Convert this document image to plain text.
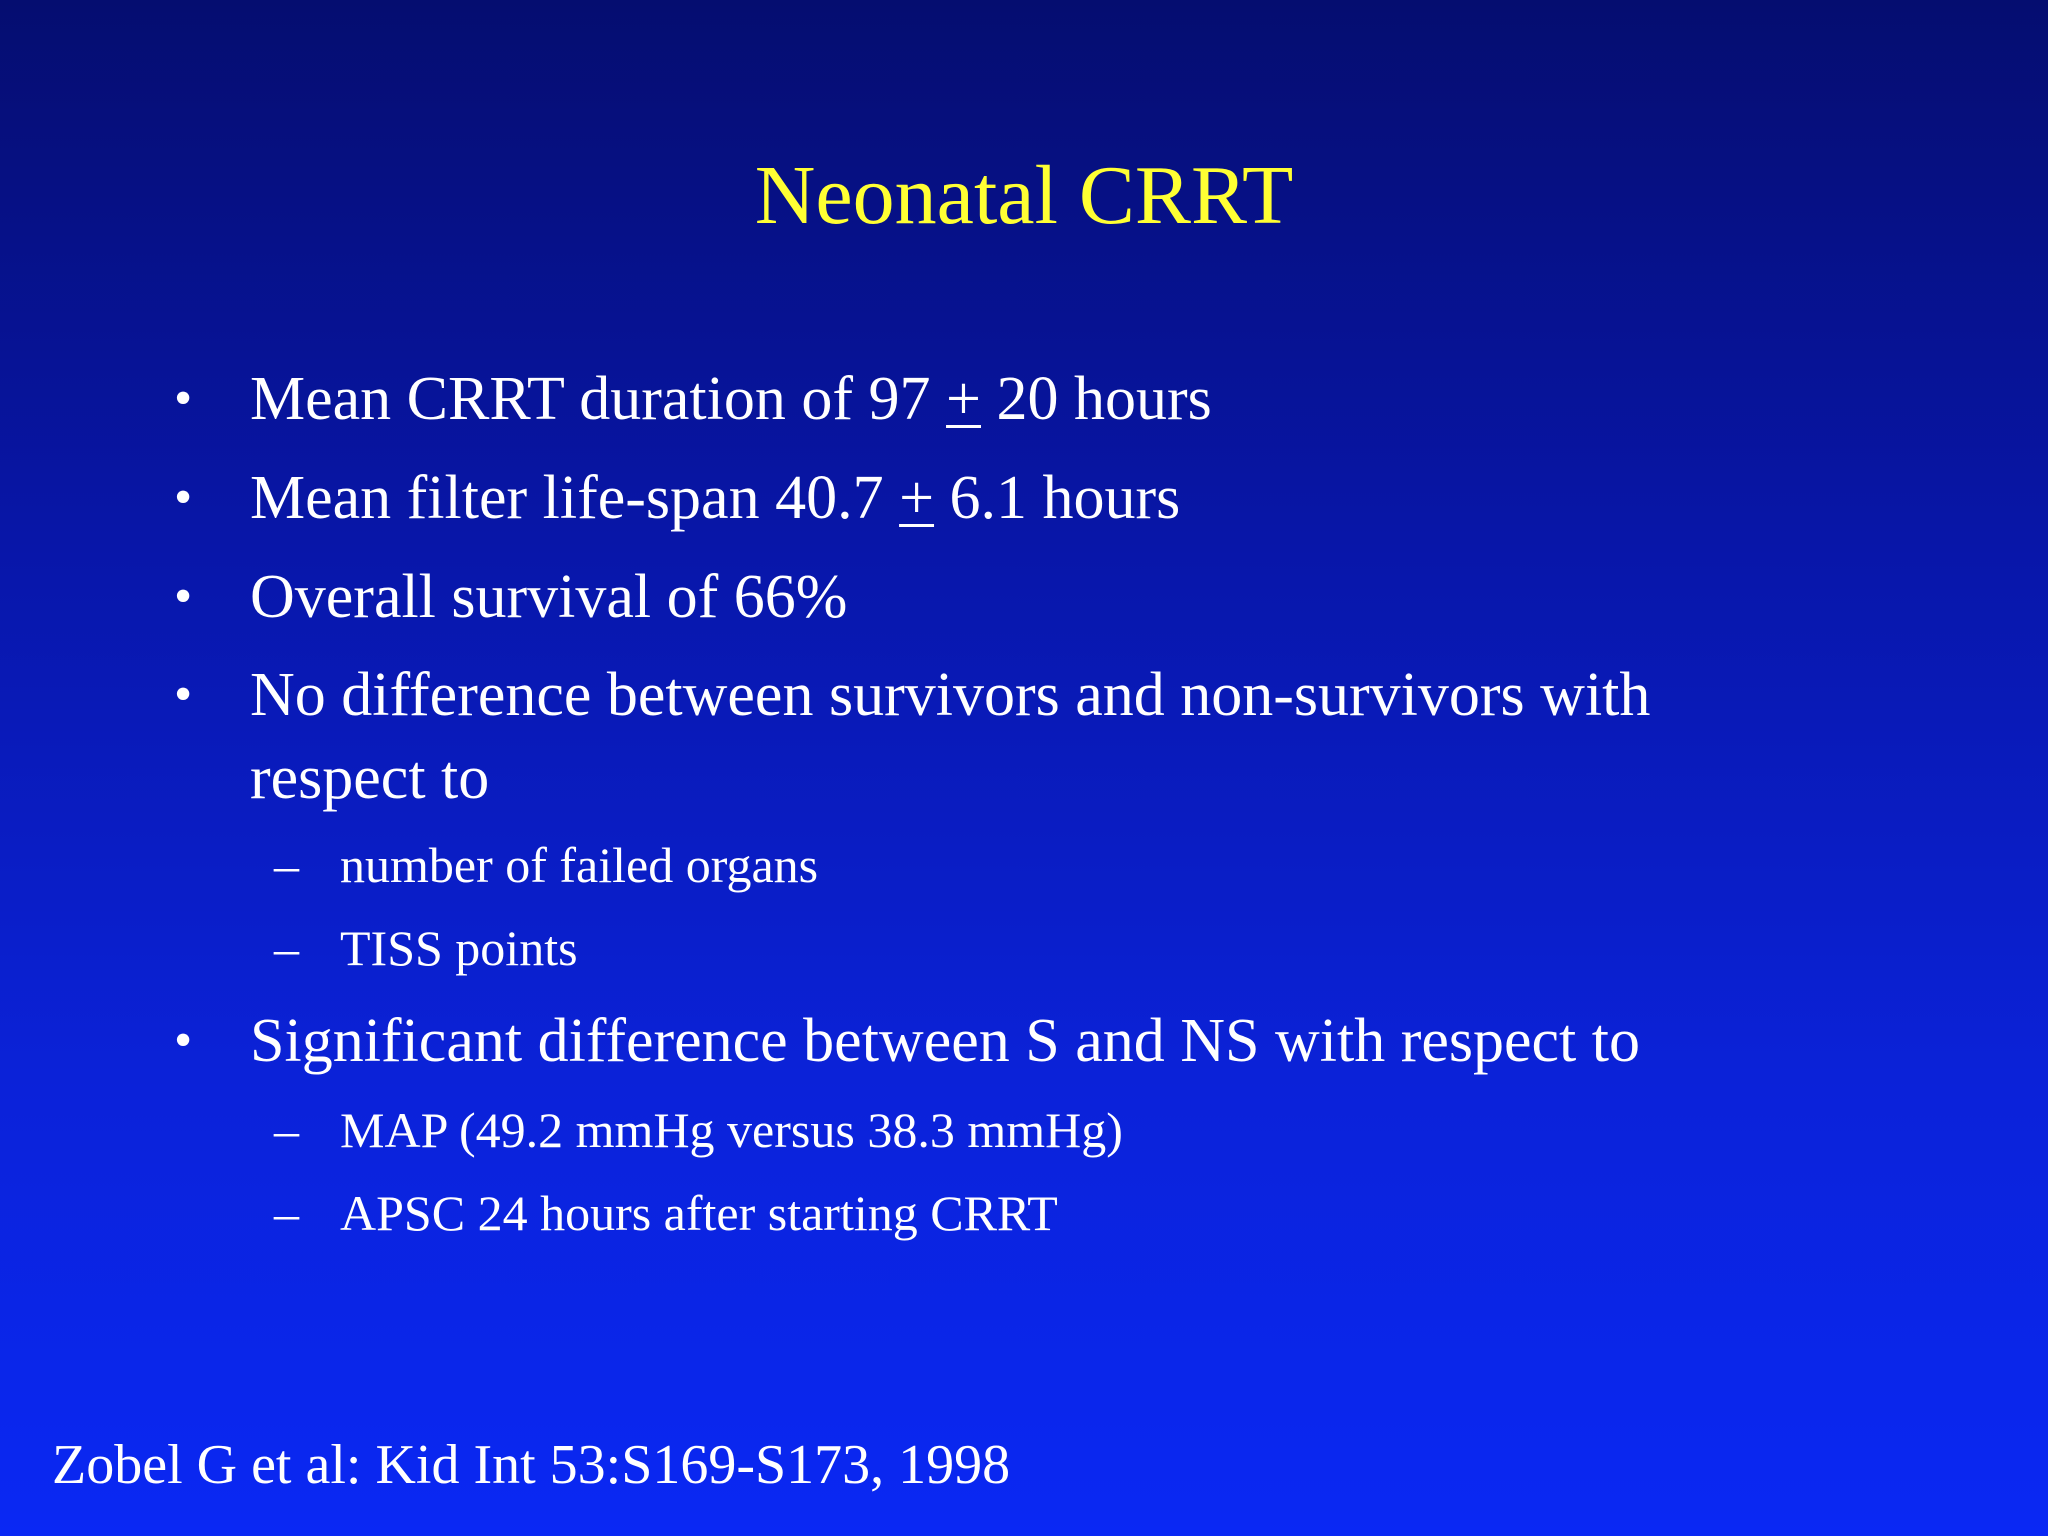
Neonatal CRRT
• Mean CRRT duration of 97 + 20 hours
• Mean filter life-span 40.7 + 6.1 hours
• Overall survival of 66%
• No difference between survivors and non-survivors with
respect to
– number of failed organs
– TISS points
• Significant difference between S and NS with respect to
– MAP (49.2 mmHg versus 38.3 mmHg)
– APSC 24 hours after starting CRRT
Zobel G et al: Kid Int 53:S169-S173, 1998
